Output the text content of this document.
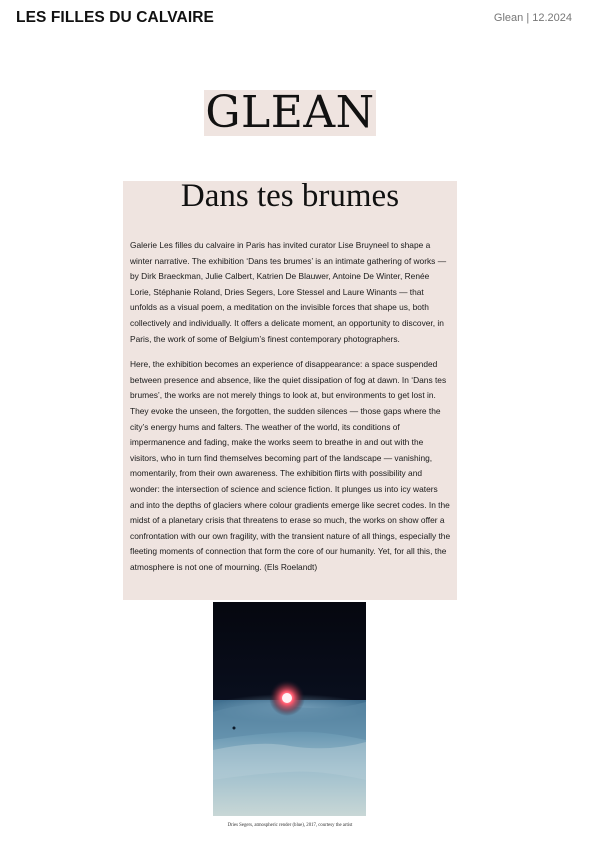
LES FILLES DU CALVAIRE	Glean | 12.2024
GLEAN
Dans tes brumes

Galerie Les filles du calvaire in Paris has invited curator Lise Bruyneel to shape a winter narrative. The exhibition ‘Dans tes brumes’ is an intimate gathering of works — by Dirk Braeckman, Julie Calbert, Katrien De Blauwer, Antoine De Winter, Renée Lorie, Stéphanie Roland, Dries Segers, Lore Stessel and Laure Winants — that unfolds as a visual poem, a meditation on the invisible forces that shape us, both collectively and individually. It offers a delicate moment, an opportunity to discover, in Paris, the work of some of Belgium’s finest contemporary photographers.

Here, the exhibition becomes an experience of disappearance: a space suspended between presence and absence, like the quiet dissipation of fog at dawn. In ‘Dans tes brumes’, the works are not merely things to look at, but environments to get lost in. They evoke the unseen, the forgotten, the sudden silences — those gaps where the city’s energy hums and falters. The weather of the world, its conditions of impermanence and fading, make the works seem to breathe in and out with the visitors, who in turn find themselves becoming part of the landscape — vanishing, momentarily, from their own awareness. The exhibition flirts with possibility and wonder: the intersection of science and science fiction. It plunges us into icy waters and into the depths of glaciers where colour gradients emerge like secret codes. In the midst of a planetary crisis that threatens to erase so much, the works on show offer a confrontation with our own fragility, with the transient nature of all things, especially the fleeting moments of connection that form the core of our humanity. Yet, for all this, the atmosphere is not one of mourning. (Els Roelandt)

Dries Segers, atmospheric render (blue), 2017, courtesy the artist
